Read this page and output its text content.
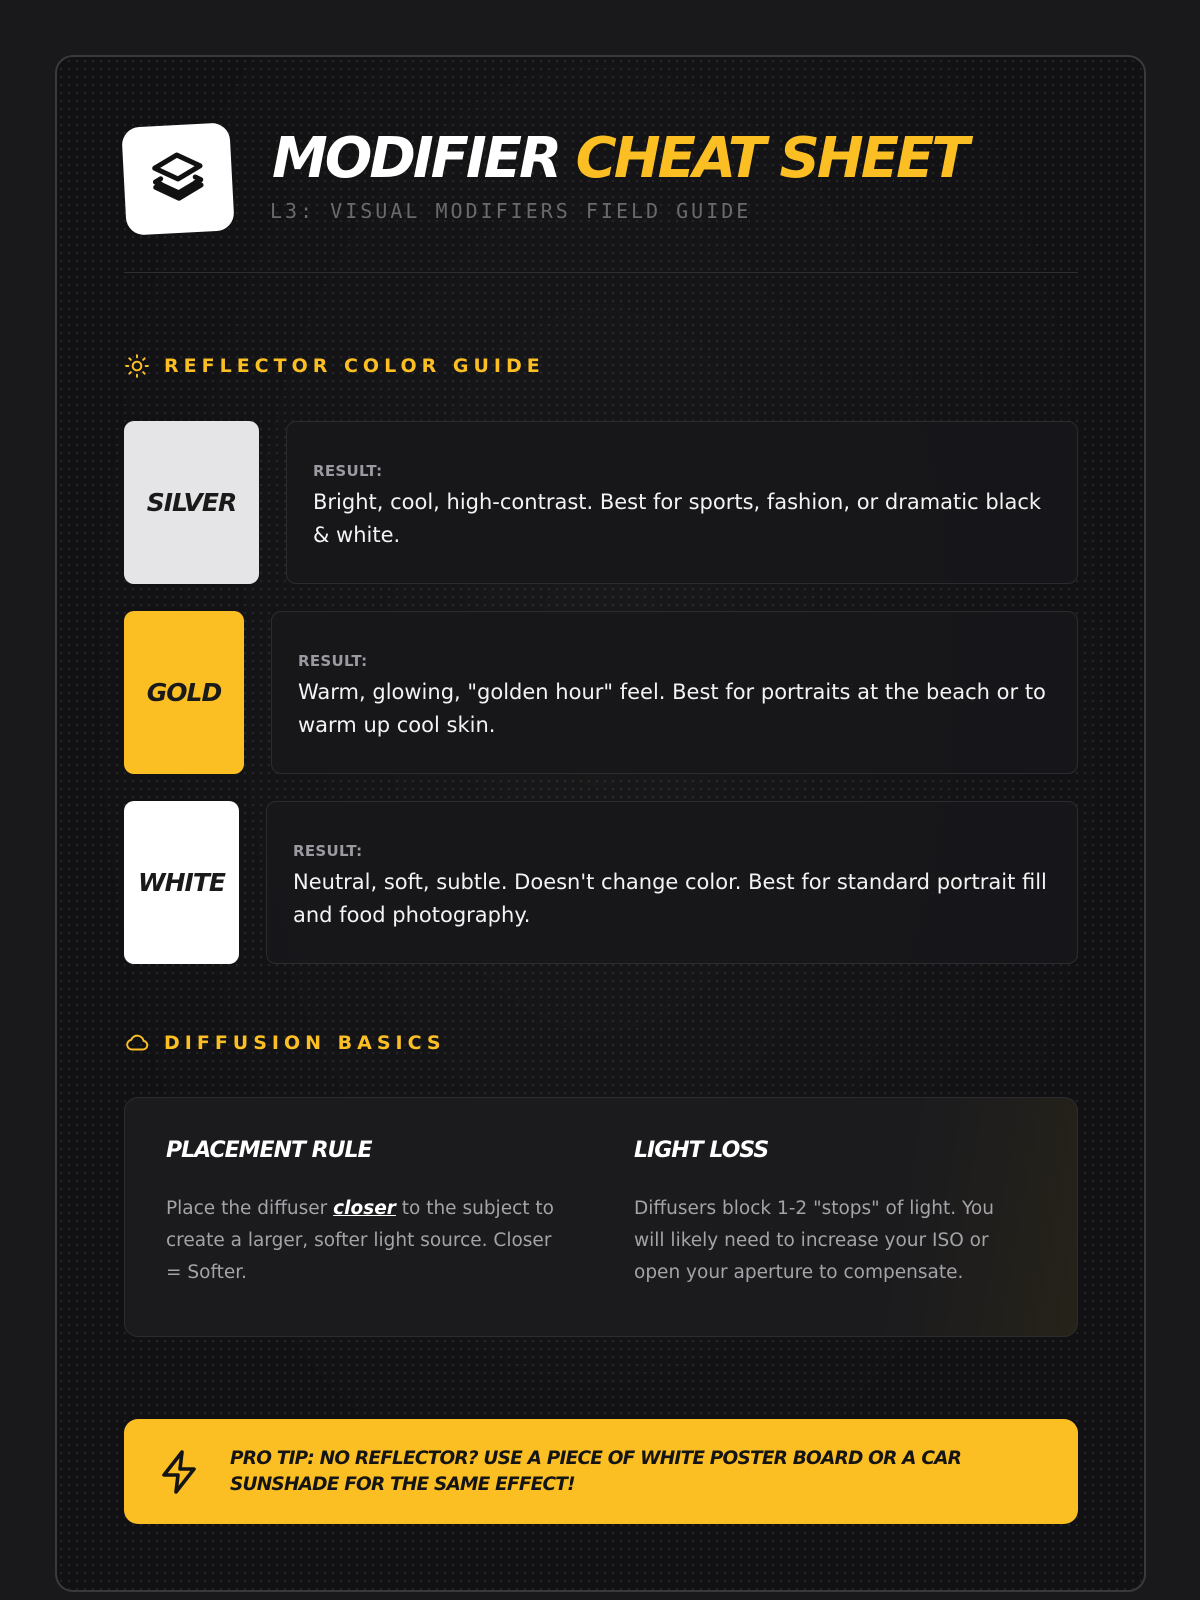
MODIFIER CHEAT SHEET
L3: VISUAL MODIFIERS FIELD GUIDE
REFLECTOR COLOR GUIDE
SILVER
RESULT:
Bright, cool, high-contrast. Best for sports, fashion, or dramatic black & white.
GOLD
RESULT:
Warm, glowing, "golden hour" feel. Best for portraits at the beach or to warm up cool skin.
WHITE
RESULT:
Neutral, soft, subtle. Doesn't change color. Best for standard portrait fill and food photography.
DIFFUSION BASICS
PLACEMENT RULE

Place the diffuser closer to the subject to create a larger, softer light source. Closer = Softer.

LIGHT LOSS

Diffusers block 1-2 "stops" of light. You will likely need to increase your ISO or open your aperture to compensate.

PRO TIP: NO REFLECTOR? USE A PIECE OF WHITE POSTER BOARD OR A CAR SUNSHADE FOR THE SAME EFFECT!
